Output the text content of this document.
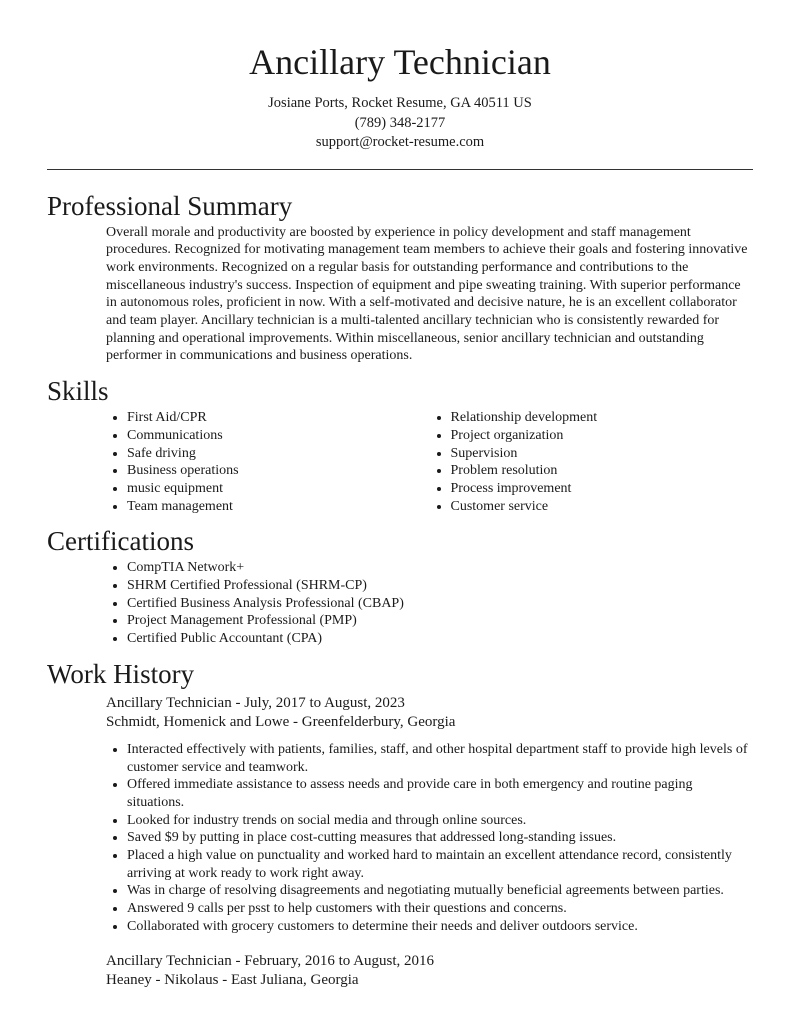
Ancillary Technician
Josiane Ports, Rocket Resume, GA 40511 US
(789) 348-2177
support@rocket-resume.com
Professional Summary

Overall morale and productivity are boosted by experience in policy development and staff management procedures. Recognized for motivating management team members to achieve their goals and fostering innovative work environments. Recognized on a regular basis for outstanding performance and contributions to the miscellaneous industry's success. Inspection of equipment and pipe sweating training. With superior performance in autonomous roles, proficient in now. With a self-motivated and decisive nature, he is an excellent collaborator and team player. Ancillary technician is a multi-talented ancillary technician who is consistently rewarded for planning and operational improvements. Within miscellaneous, senior ancillary technician and outstanding performer in communications and business operations.

Skills
• First Aid/CPR
• Communications
• Safe driving
• Business operations
• music equipment
• Team management
• Relationship development
• Project organization
• Supervision
• Problem resolution
• Process improvement
• Customer service
Certifications
• CompTIA Network+
• SHRM Certified Professional (SHRM-CP)
• Certified Business Analysis Professional (CBAP)
• Project Management Professional (PMP)
• Certified Public Accountant (CPA)
Work History
Ancillary Technician - July, 2017 to August, 2023
Schmidt, Homenick and Lowe - Greenfelderbury, Georgia
• Interacted effectively with patients, families, staff, and other hospital department staff to provide high levels of customer service and teamwork.
• Offered immediate assistance to assess needs and provide care in both emergency and routine paging situations.
• Looked for industry trends on social media and through online sources.
• Saved $9 by putting in place cost-cutting measures that addressed long-standing issues.
• Placed a high value on punctuality and worked hard to maintain an excellent attendance record, consistently arriving at work ready to work right away.
• Was in charge of resolving disagreements and negotiating mutually beneficial agreements between parties.
• Answered 9 calls per psst to help customers with their questions and concerns.
• Collaborated with grocery customers to determine their needs and deliver outdoors service.
Ancillary Technician - February, 2016 to August, 2016
Heaney - Nikolaus - East Juliana, Georgia
